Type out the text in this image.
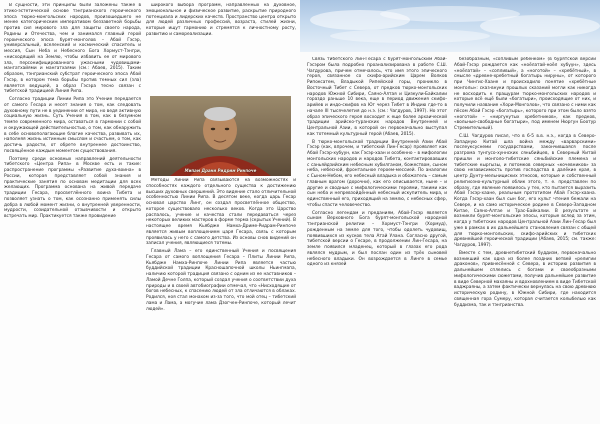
В сущности, эти принципы были заложены также в этико-эстетической основе тэнгрианского героического эпоса тюрко-монгольских народов, произошедшего не менее категорическим императивом беззаветной борьбы против сил мирового зла для защиты своего народа, Родины и Отечества, чем и занимался главный герой героического эпоса бурят-монголов – Абай Гэсэр, универсальный, вселенский и космический спаситель и мессия, Сын Неба и Небесного Бога Хормуст-Тэнгри, «нисходящий на Землю, чтобы избавить ее от мирового зла, персонифицированного ужасными чудовищами-мангатхайями и мангатхаями (см.: Абаев, 2015). Таким образом, тэнгрианский субстрат героического эпоса Абай Гэсэр, в котором тема борьбы против темных сил (зла) является ведущей, а образ Гэсэра тесно связан с тибетской традицией Линия Рипа.

Согласно традиции Линии Рипа это Учение передается от самого Гесара и несет знания о том, как следовать духовному пути не в уединении от мира, но ведя активную социальную жизнь. Суть Учения в том, как в безумном темпе современного мира, оставаться в гармонии с собой и окружающей действительностью, о том, как обнаружить в себе основополагающие благие качества, развивать их, наполняя жизнь истинным смыслом и счастьем, о том, как достичь радости, от обрете внутреннее достоинство, посвящённое каждым моментом существования.

Поэтому среди основных направлений деятельности тибетского «Центра Рипа» в Москве есть и такие: распространение программы «Развитие духа-воина» в России, которая представляет собой знания и практические занятия по основам медитации для всех желающих. Программа основана на живой передаче традиции Гесара, просветлённого воина Тибета и позволяет узнать о том, как осознанно применять силы добра в любой момент жизни, о внутренней уверенности, мудрости, созидательной отзывчивости и открыто встречать мир. Практикуется также провидение

широкого выбора программ, направленных на духовное, эмоциональное и физическое развитие, раскрытие природного потенциала и лидерских качеств. Пространство центра открыто для людей различных профессий, возраста, стилей жизни, которые ищут гармонию и стремятся к личностному росту, развитию и самореализации.

Мипам Драни Ридрим Ринпоче

Методы Линии Рипа связываются на возможностях и способностях каждого отдельного существа к достижению высших духовных свершений. Это видение стало отличительной особенностью Линии Рипа. В десятом веке, когда царь Гесар основал царство Линг, он создал просветлённое общество, которое существовало несколько веков. Когда это Царство распалось, учение и качества стали передаваться через некоторых великих мастеров в форме терма (скрытых Учений). В настоящее время Кьябдже Намха-Дриме-Ридрам-Ринпоче является живым воплощением царя Гесара, связь с которым проявилась у него с самого детства. Из основы снов видений он записал учения, являющиеся тотемы.

Главный Лама – его единственный Учения и посвящения Гесара от самого воплощения Гесара – Плиты Линии Рипа, Кьябдже Намха-Ринпоче Линии Рипа является частью буддийской традиции Красношапочной школы Ньингмапа, наличию которой традиция связано с одним из ее наставников – Ламой Дечне Голпа, который создал учения о соответствии духа природы и в своей автобиографии отмечал, что «Нисходящие от богов небесных, к спасению людей от зла отличаются в облаках. Родился, ноя стал монахом из-за того, что мой отец – тибетский лама и Лама, а могучие лама Дзогчен-Ринпоче, который лечит людей».

Связь тибетского Лин-Гесара с бурят-монгольским Абай-Гэсэром была подробно проанализирована в работе С.Ш. Чагдурова, причем отмечалось, что имя этого эпического героя, связанное со скифо-арийским Царем Волков Рипоксатем, Владыкой Рипейской горы, проникло в Восточный Тибет с Севера, от предков тюрко-монгольских народов Южной Сибири, Саяно-Алтая и Цизкули-Байкалии гораздо раньше 10 века, еще в период движения скифо-арийев и индо-скифов на Юг через Тибет в Индию где-то в начале III тысячелетия до н.э. (см.: Чагдуров, 1997). Но этот образ эпического героя восходит к еще более архаической традиции арийско-туранских народов Внутренней и Центральной Азии, в которой он первоначально выступал как тотемный культурный герой (Абаев, 2015).

В тюрко-монгольской традиции Внутренней Азии Абай Гэсэр (как, впрочем, и тибетский Лин-Гесар) проявляет как Абай Гэсэр-хубуун, как Гэсэр-хаан и особенно – в мифологии монгольских народов и народов Тибета, контактировавших с саньяйдзийским небесным хубилганом, божеством, сыном неба, небесной, фронтальное героем-мессией. По аналогии с Сыном-Небом, его небесный владыка и обожатель – самым главным врагом (дорочни), как его описывается, ныне – и другие и сводные с мифологическими героями, такими как сын неба и непревзойдённый небесный искупитель мира, и единственный его, приходящий на землю, с небесных сфер, чтобы спасти человечество.

Согласно легендам и преданиям, Абай-Гэсэр является сыном Верховного Бога бурят-монгольской народной тэнгрианской религии – Хормуст-Тэнгри (Хормуд), рожденным на земле для того, чтобы одолеть чудовищ, появившихся из кусков тела Атай Улана. Согласно другой, тибетской версии о Гесаре, в продолжении Лин-Гесара, на земле появился младенец, который в глазах его рода являлся мудрым, и был послан один из трёх сыновей небесного владыки. Он возрождается в Линге в семье одного из князей

безобразным, «сопливым ребёнком» (в бурятской версии Абай-Гэсэр рождается как «ноёлатай-ноёл хубүүн», здесь «ноёлатай» – «сопливый», а «ноготой» – «хребётный», в смысле «древне-хребетный богатырь нируны», от которого при Чингис-Хаане и происходило понятие «хребётные монголы»: сказ-внуки прошлых сказаний могли как никогда не восходить к пращурам тюрко-монгольских народов и которые всё ещё были «богатыри», происходящие от них, и получили название «Хори-Монголов», что связано с ними как пёсом Абай Гэсэр «богатырь», которого при этом было взято «ноготой» – «ниргунутых хребетников», как предков, «вольные-свободные богатыри», под именем Нюргун Боотур Стремительный).

С.Ш. Чагдуров писал, что в 6-5 в.в. н.э., когда в Северо-Западную Китай шла война между «варварскими» послеуксуснеми государствами, закончившаяся после разгрома тунгусо-хуннских сяньбийцев, в Северный Китай пришли и монголо-тибетские сяньбийские племена и тибетские кыргызы, и потомков северных «кочевников» за свою независимость против господства в далёкие края, в центр Дунту-мельнициских этносов, которые и собственный религиозно-культурный облик этого, т. е. представлен по образу, где явление появилось у тех, кто пытается выразить Абай Гэсэр-хаане, реальным прототипом Абай Гэсэр-хаана. Когда Гэсэр-хаан был сын бог, его культ чтения бежали на Севере, и на само историческое родине в Северо-Западном Китае, Саяно-Алтае и Трас-Байкалии. В результате и возникли бурят-монгольские эпосы, которые вслед за этим, когда у тибетских народов Центральной Азии Лин-Гесар был уже в рамках в их дальнейшего становления связан с общей для тюрко-монгольских, скифо-арийских и тибетских древнейшей героической традиции (Абаев, 2015; см. также: Чагдуров, 1997).

Вместе с тем, древнетибетский буддизм, первоначально возникший как одна из более поздних ветвей «религии драконов», привнесённой с Севера, в историю развития в дальнейшем сплелись с богами и своеобразными мифологическими сюжетами, получив дальнейшее развитие в виде Северной махаяны и вдохновлением в виде Тибетской ваджраяны, а затем фактически вернулась на свою древнюю историческую родину, в Южной Сибири, где находится священная гора Сумеру, которая считается колыбелью как буддизма, так и тэнгрианства.
